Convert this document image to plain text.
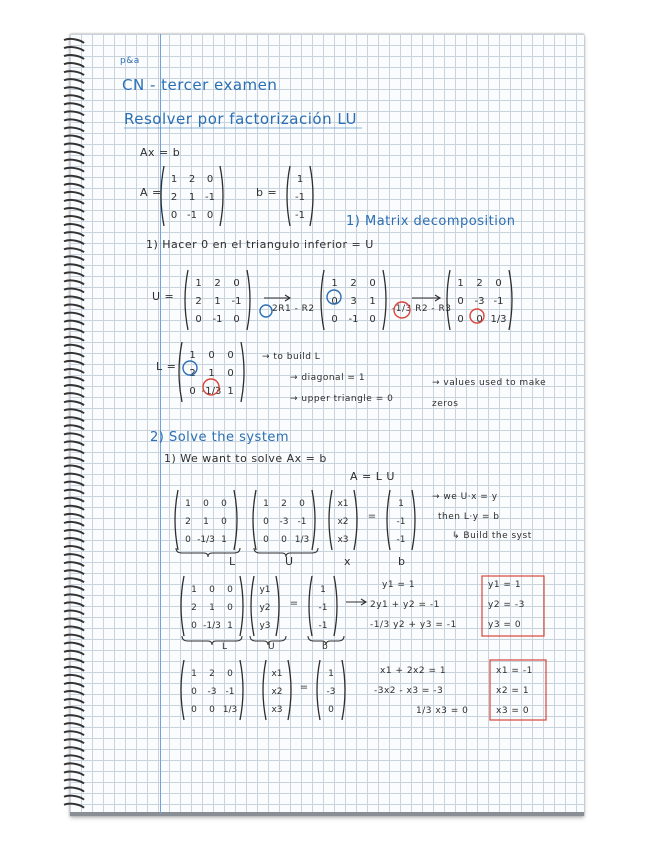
p&a
CN - tercer examen
Resolver por factorización LU
Ax = b
A =	b =
1) Matrix decomposition
1) Hacer 0 en el triangulo inferior = U
U =
2R1 - R2	-1/3 R2 - R3
L =
→ to build L
→ diagonal = 1
→ upper triangle = 0
→ values used to make zeros
2) Solve the system
1) We want to solve Ax = b
A = L U
→ we U·x = y
then L·y = b
↳ Build the syst
L	U	x	b
L	U	b
y1 = 1
2y1 + y2 = -1
-1/3 y2 + y3 = -1
y1 = 1
y2 = -3
y3 = 0
x1 + 2x2 = 1
-3x2 - x3 = -3
1/3 x3 = 0
x1 = -1
x2 = 1
x3 = 0
1 2 0
2 1 -1
0 -1 0
1
-1
-1
1 2 0
2 1 -1
0 -1 0
1 2 0
0 3 1
0 -1 0
1 2 0
0 -3 -1
0 0 1/3
1 0 0
2 1 0
0 -1/3 1
1 0 0
2 1 0
0 -1/3 1
1 2 0
0 -3 -1
0 0 1/3
x1
x2
x3
=
1
-1
-1
1 0 0
2 1 0
0 -1/3 1
y1
y2
y3
=
1
-1
-1
1 2 0
0 -3 -1
0 0 1/3
x1
x2
x3
=
1
-3
0
